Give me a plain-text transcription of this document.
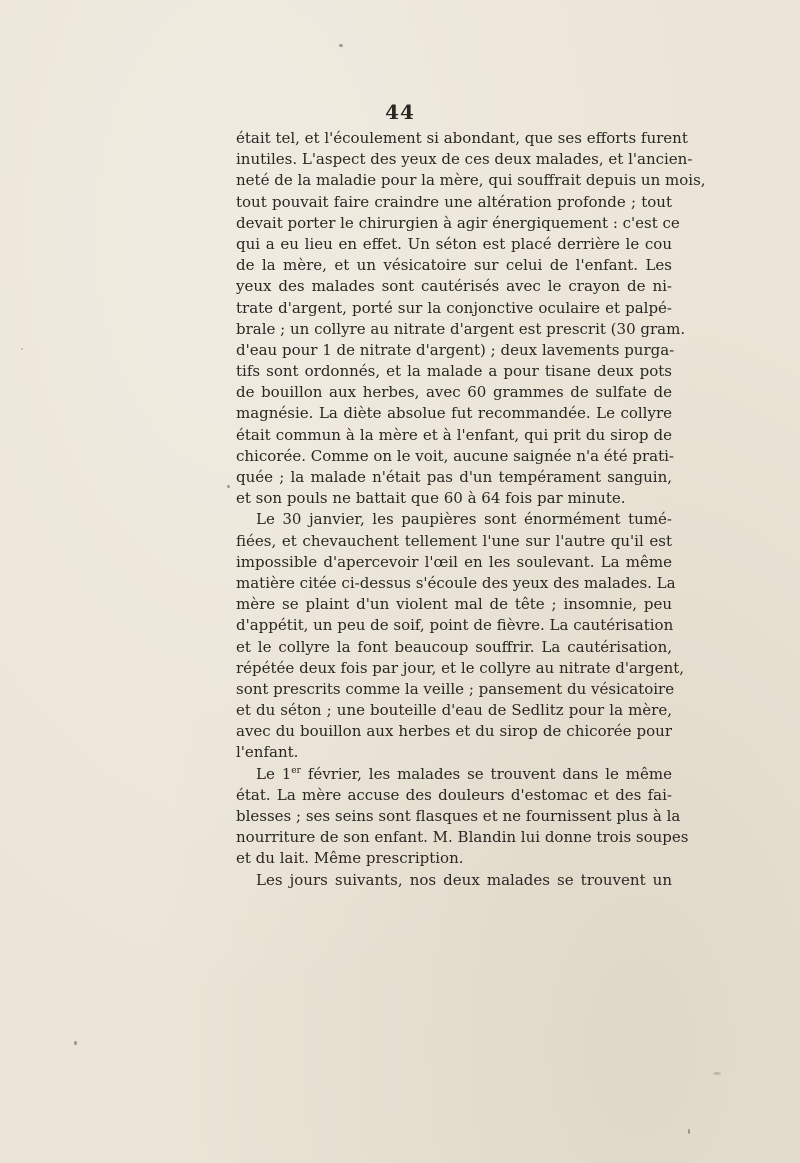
44
était tel, et l'écoulement si abondant, que ses efforts furent
inutiles. L'aspect des yeux de ces deux malades, et l'ancien-
neté de la maladie pour la mère, qui souffrait depuis un mois,
tout pouvait faire craindre une altération profonde ; tout
devait porter le chirurgien à agir énergiquement : c'est ce
qui a eu lieu en effet. Un séton est placé derrière le cou
de la mère, et un vésicatoire sur celui de l'enfant. Les
yeux des malades sont cautérisés avec le crayon de ni-
trate d'argent, porté sur la conjonctive oculaire et palpé-
brale ; un collyre au nitrate d'argent est prescrit (30 gram.
d'eau pour 1 de nitrate d'argent) ; deux lavements purga-
tifs sont ordonnés, et la malade a pour tisane deux pots
de bouillon aux herbes, avec 60 grammes de sulfate de
magnésie. La diète absolue fut recommandée. Le collyre
était commun à la mère et à l'enfant, qui prit du sirop de
chicorée. Comme on le voit, aucune saignée n'a été prati-
quée ; la malade n'était pas d'un tempérament sanguin,
et son pouls ne battait que 60 à 64 fois par minute.
Le 30 janvier, les paupières sont énormément tumé-
fiées, et chevauchent tellement l'une sur l'autre qu'il est
impossible d'apercevoir l'œil en les soulevant. La même
matière citée ci-dessus s'écoule des yeux des malades. La
mère se plaint d'un violent mal de tête ; insomnie, peu
d'appétit, un peu de soif, point de fièvre. La cautérisation
et le collyre la font beaucoup souffrir. La cautérisation,
répétée deux fois par jour, et le collyre au nitrate d'argent,
sont prescrits comme la veille ; pansement du vésicatoire
et du séton ; une bouteille d'eau de Sedlitz pour la mère,
avec du bouillon aux herbes et du sirop de chicorée pour
l'enfant.
Le 1er février, les malades se trouvent dans le même
état. La mère accuse des douleurs d'estomac et des fai-
blesses ; ses seins sont flasques et ne fournissent plus à la
nourriture de son enfant. M. Blandin lui donne trois soupes
et du lait. Même prescription.
Les jours suivants, nos deux malades se trouvent un
